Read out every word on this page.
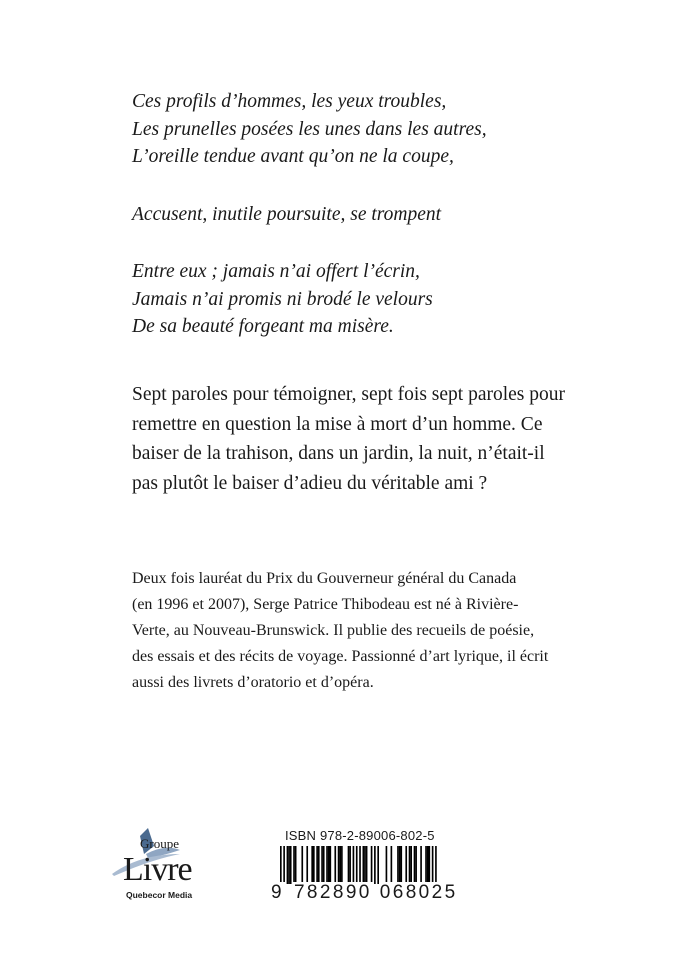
Ces profils d’hommes, les yeux troubles,
Les prunelles posées les unes dans les autres,
L’oreille tendue avant qu’on ne la coupe,
Accusent, inutile poursuite, se trompent
Entre eux ; jamais n’ai offert l’écrin,
Jamais n’ai promis ni brodé le velours
De sa beauté forgeant ma misère.
Sept paroles pour témoigner, sept fois sept paroles pour
remettre en question la mise à mort d’un homme. Ce
baiser de la trahison, dans un jardin, la nuit, n’était-il
pas plutôt le baiser d’adieu du véritable ami ?
Deux fois lauréat du Prix du Gouverneur général du Canada
(en 1996 et 2007), Serge Patrice Thibodeau est né à Rivière-
Verte, au Nouveau-Brunswick. Il publie des recueils de poésie,
des essais et des récits de voyage. Passionné d’art lyrique, il écrit
aussi des livrets d’oratorio et d’opéra.
Groupe
Livre
Quebecor Media
ISBN 978-2-89006-802-5
9 782890 068025
